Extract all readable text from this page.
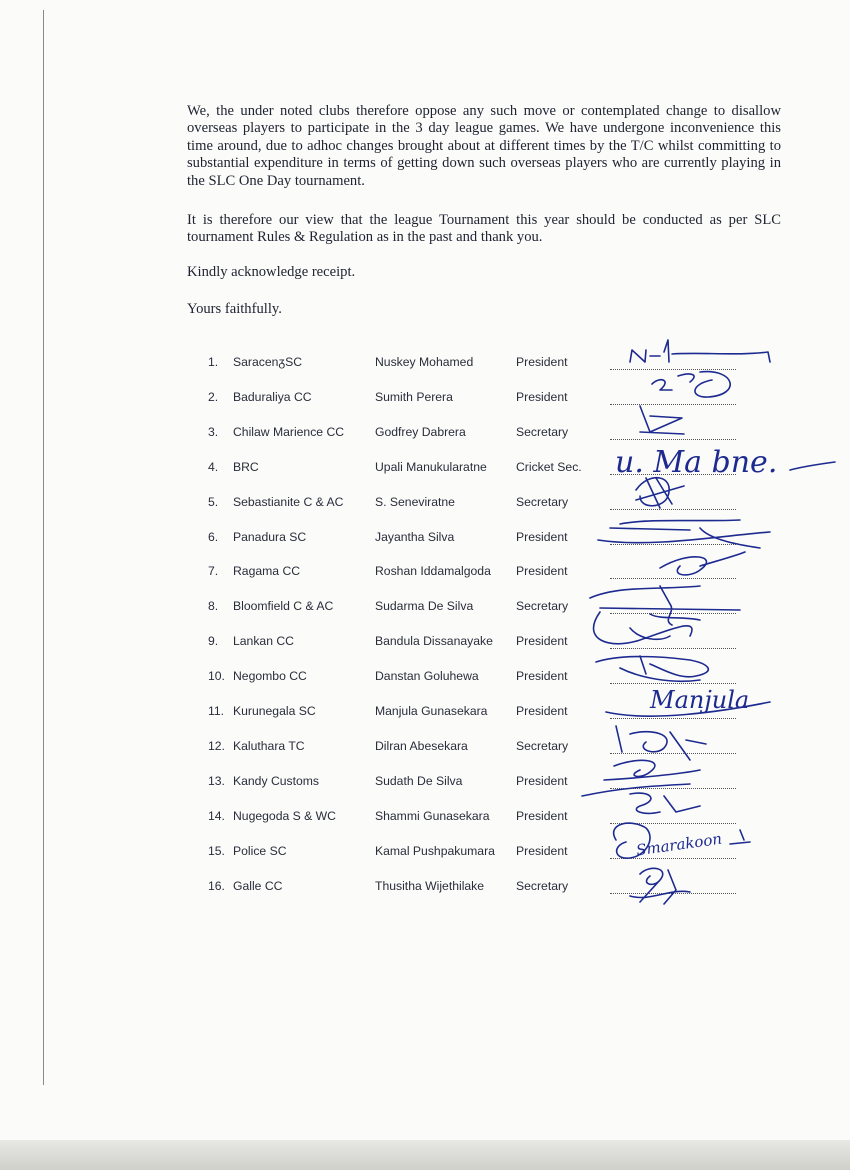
We, the under noted clubs therefore oppose any such move or contemplated change to disallow overseas players to participate in the 3 day league games. We have undergone inconvenience this time around, due to adhoc changes brought about at different times by the T/C whilst committing to substantial expenditure in terms of getting down such overseas players who are currently playing in the SLC One Day tournament.

It is therefore our view that the league Tournament this year should be conducted as per SLC tournament Rules & Regulation as in the past and thank you.

Kindly acknowledge receipt.

Yours faithfully.

1. SaracenᵹSC	Nuskey Mohamed	President
2. Baduraliya CC	Sumith Perera	President
3. Chilaw Marience CC	Godfrey Dabrera	Secretary
4. BRC	Upali Manukularatne Cricket Sec.
5. Sebastianite C & AC	S. Seneviratne	Secretary
6. Panadura SC	Jayantha Silva	President
7. Ragama CC	Roshan Iddamalgoda President
8. Bloomfield C & AC	Sudarma De Silva	Secretary
9. Lankan CC	Bandula Dissanayake President
10. Negombo CC	Danstan Goluhewa	President
11. Kurunegala SC	Manjula Gunasekara President
12. Kaluthara TC	Dilran Abesekara	Secretary
13. Kandy Customs	Sudath De Silva	President
14. Nugegoda S & WC	Shammi Gunasekara President
15. Police SC	Kamal Pushpakumara President
16. Galle CC	Thusitha Wijethilake	Secretary
u. Ma bne.
Manjula
Smarakoon
